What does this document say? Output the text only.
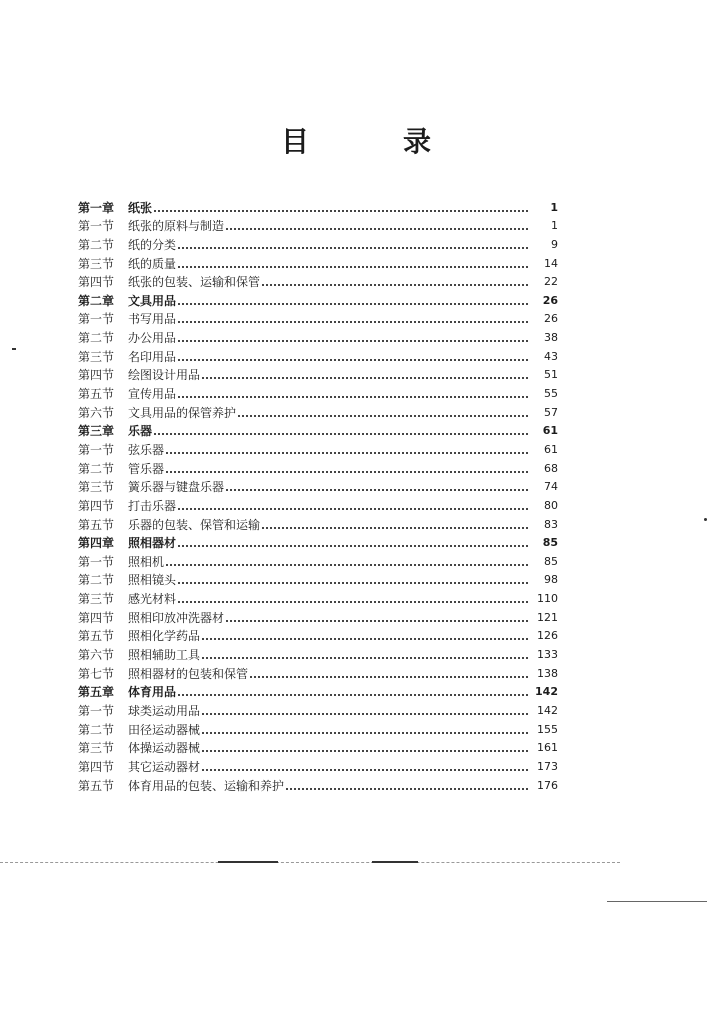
目	录
第一章	纸张	1
第一节	纸张的原料与制造	1
第二节	纸的分类	9
第三节	纸的质量	14
第四节	纸张的包装、运输和保管	22
第二章	文具用品	26
第一节	书写用品	26
第二节	办公用品	38
第三节	名印用品	43
第四节	绘图设计用品	51
第五节	宣传用品	55
第六节	文具用品的保管养护	57
第三章	乐器	61
第一节	弦乐器	61
第二节	管乐器	68
第三节	簧乐器与键盘乐器	74
第四节	打击乐器	80
第五节	乐器的包装、保管和运输	83
第四章	照相器材	85
第一节	照相机	85
第二节	照相镜头	98
第三节	感光材料	110
第四节	照相印放冲洗器材	121
第五节	照相化学药品	126
第六节	照相辅助工具	133
第七节	照相器材的包装和保管	138
第五章	体育用品	142
第一节	球类运动用品	142
第二节	田径运动器械	155
第三节	体操运动器械	161
第四节	其它运动器材	173
第五节	体育用品的包装、运输和养护	176
